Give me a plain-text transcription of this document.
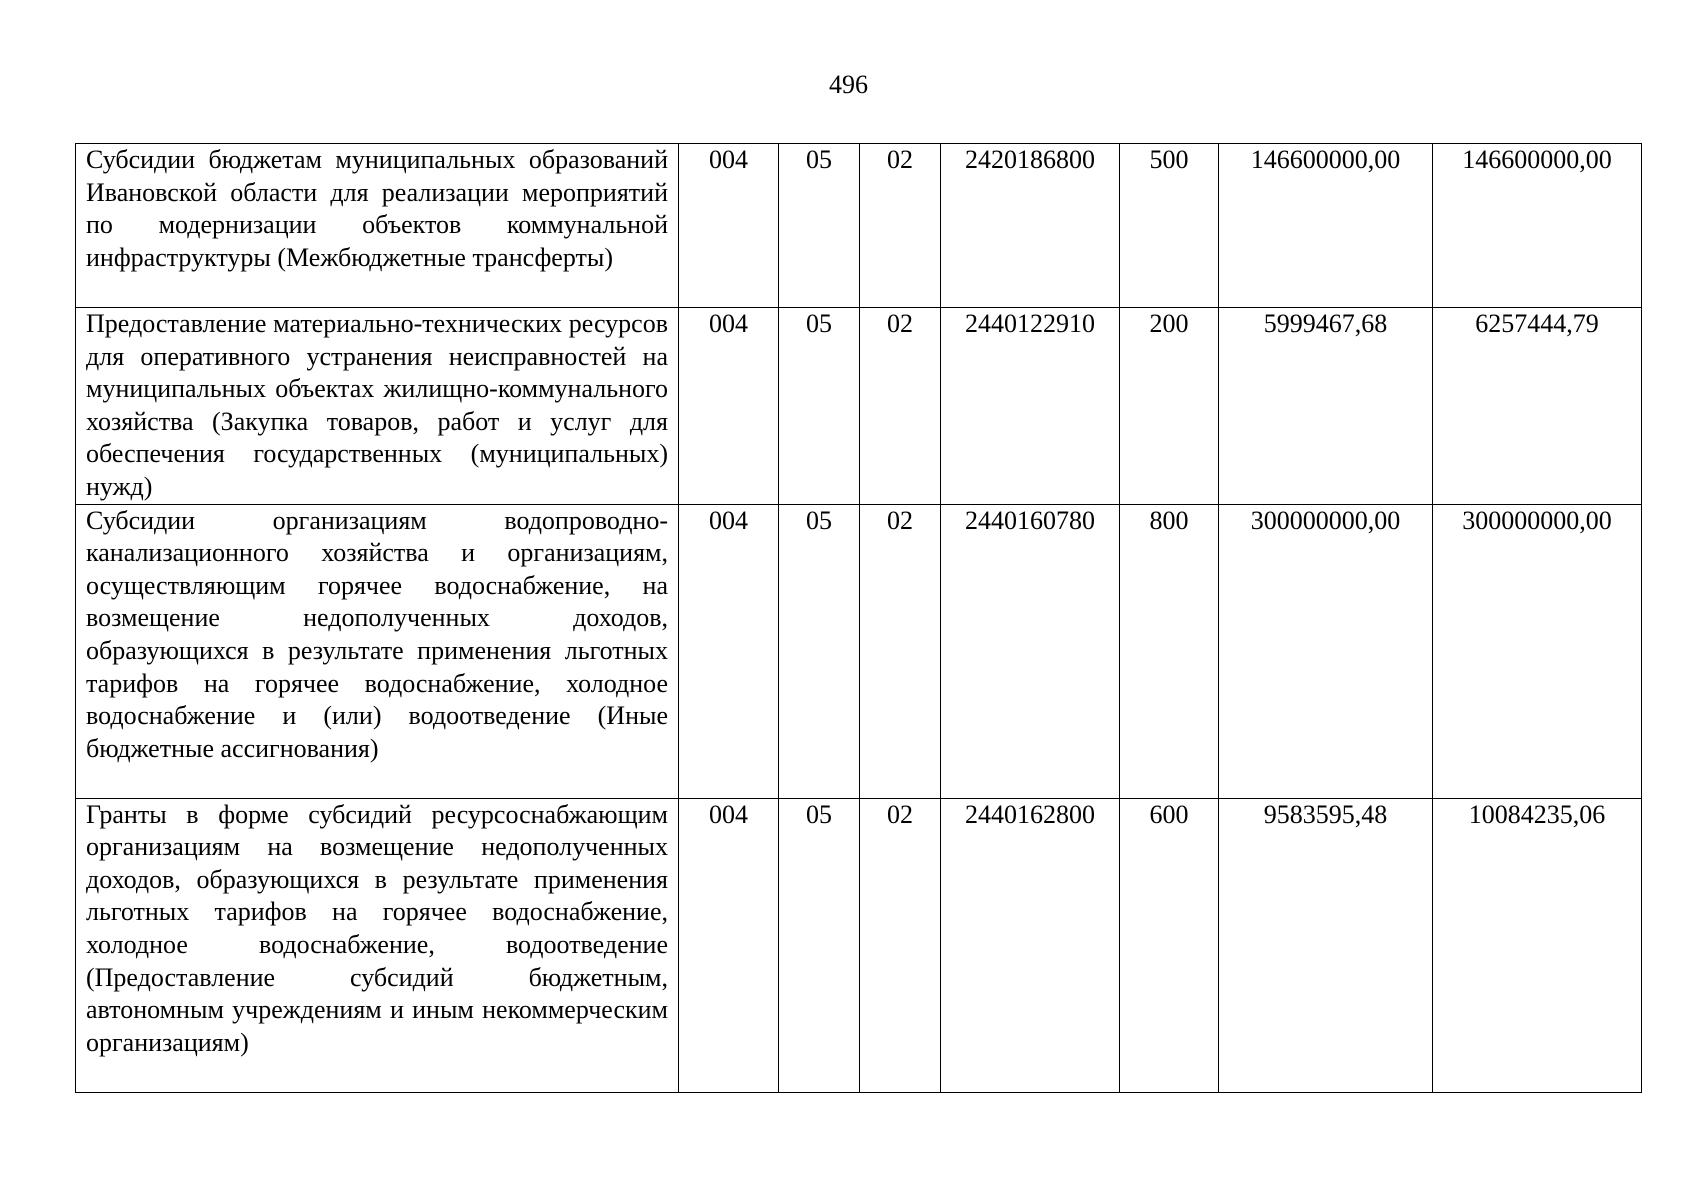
496
Субсидии бюджетам муниципальных образований Ивановской области для реализации мероприятий по модернизации объектов коммунальной инфраструктуры (Межбюджетные трансферты)	004	05	02	2420186800	500	146600000,00	146600000,00
Предоставление материально-технических ресурсов для оперативного устранения неисправностей на муниципальных объектах жилищно-коммунального хозяйства (Закупка товаров, работ и услуг для обеспечения государственных (муниципальных) нужд)	004	05	02	2440122910	200	5999467,68	6257444,79
Субсидии организациям водопроводно-канализационного хозяйства и организациям, осуществляющим горячее водоснабжение, на возмещение недополученных доходов, образующихся в результате применения льготных тарифов на горячее водоснабжение, холодное водоснабжение и (или) водоотведение (Иные бюджетные ассигнования)	004	05	02	2440160780	800	300000000,00	300000000,00
Гранты в форме субсидий ресурсоснабжающим организациям на возмещение недополученных доходов, образующихся в результате применения льготных тарифов на горячее водоснабжение, холодное водоснабжение, водоотведение (Предоставление субсидий бюджетным, автономным учреждениям и иным некоммерческим организациям)	004	05	02	2440162800	600	9583595,48	10084235,06
